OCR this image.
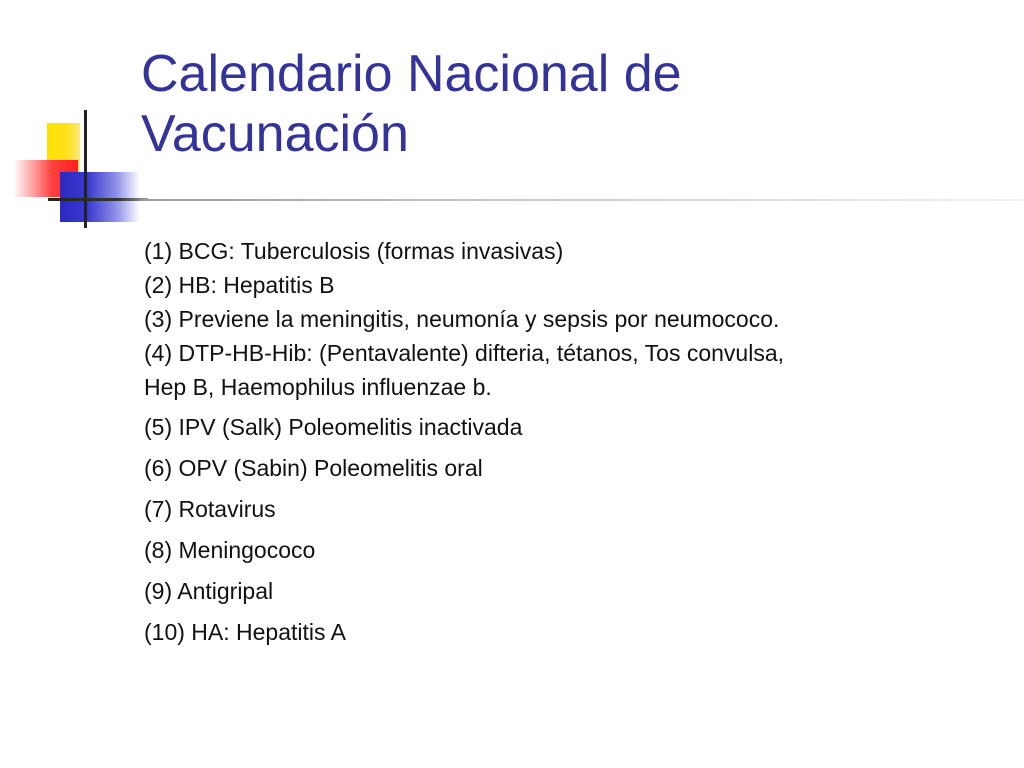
Calendario Nacional de
Vacunación
(1) BCG: Tuberculosis (formas invasivas)
(2) HB: Hepatitis B
(3) Previene la meningitis, neumonía y sepsis por neumococo.
(4) DTP-HB-Hib: (Pentavalente) difteria, tétanos, Tos convulsa,
Hep B, Haemophilus influenzae b.
(5) IPV (Salk) Poleomelitis inactivada
(6) OPV (Sabin) Poleomelitis oral
(7) Rotavirus
(8) Meningococo
(9) Antigripal
(10) HA: Hepatitis A
